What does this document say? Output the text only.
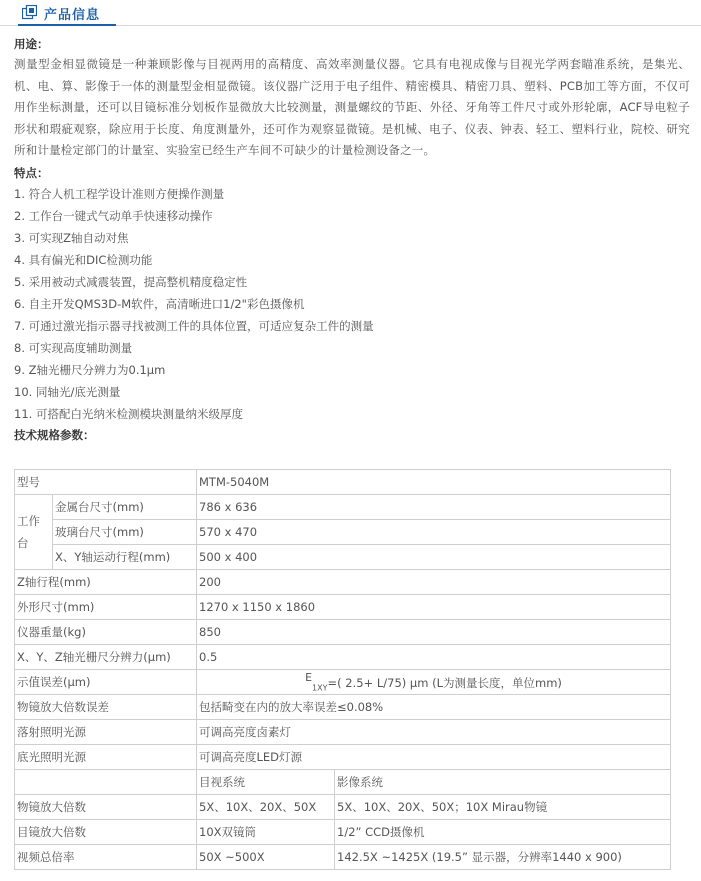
产品信息
用途：
测量型金相显微镜是一种兼顾影像与目视两用的高精度、高效率测量仪器。它具有电视成像与目视光学两套瞄准系统，是集光、机、电、算、影像于一体的测量型金相显微镜。该仪器广泛用于电子组件、精密模具、精密刀具、塑料、PCB加工等方面，不仅可用作坐标测量，还可以目镜标准分划板作显微放大比较测量，测量螺纹的节距、外径、牙角等工件尺寸或外形轮廓，ACF导电粒子形状和瑕疵观察，除应用于长度、角度测量外，还可作为观察显微镜。是机械、电子、仪表、钟表、轻工、塑料行业，院校、研究所和计量检定部门的计量室、实验室已经生产车间不可缺少的计量检测设备之一。
特点：
1. 符合人机工程学设计准则方便操作测量
2. 工作台一键式气动单手快速移动操作
3. 可实现Z轴自动对焦
4. 具有偏光和DIC检测功能
5. 采用被动式减震装置，提高整机精度稳定性
6. 自主开发QMS3D-M软件，高清晰进口1/2"彩色摄像机
7. 可通过激光指示器寻找被测工件的具体位置，可适应复杂工件的测量
8. 可实现高度辅助测量
9. Z轴光栅尺分辨力为0.1μm
10. 同轴光/底光测量
11. 可搭配白光纳米检测模块测量纳米级厚度
技术规格参数：
型号		MTM-5040M	
工作台	金属台尺寸(mm)	786 x 636	
	玻璃台尺寸(mm)	570 x 470	
	X、Y轴运动行程(mm)	500 x 400	
Z轴行程(mm)		200	
外形尺寸(mm)		1270 x 1150 x 1860	
仪器重量(kg)		850	
X、Y、Z轴光栅尺分辨力(μm)		0.5	
示值误差(μm)		$E_{1XY}=$( 2.5+ L/75) μm (L为测量长度，单位mm)	
物镜放大倍数误差		包括畸变在内的放大率误差≤0.08%	
落射照明光源		可调高亮度卤素灯	
底光照明光源		可调高亮度LED灯源	
		目视系统	影像系统
物镜放大倍数		5X、10X、20X、50X	5X、10X、20X、50X；10X Mirau物镜
目镜放大倍数		10X双镜筒	1/2” CCD摄像机
视频总倍率		50X ~500X	142.5X ~1425X (19.5” 显示器，分辨率1440 x 900)
